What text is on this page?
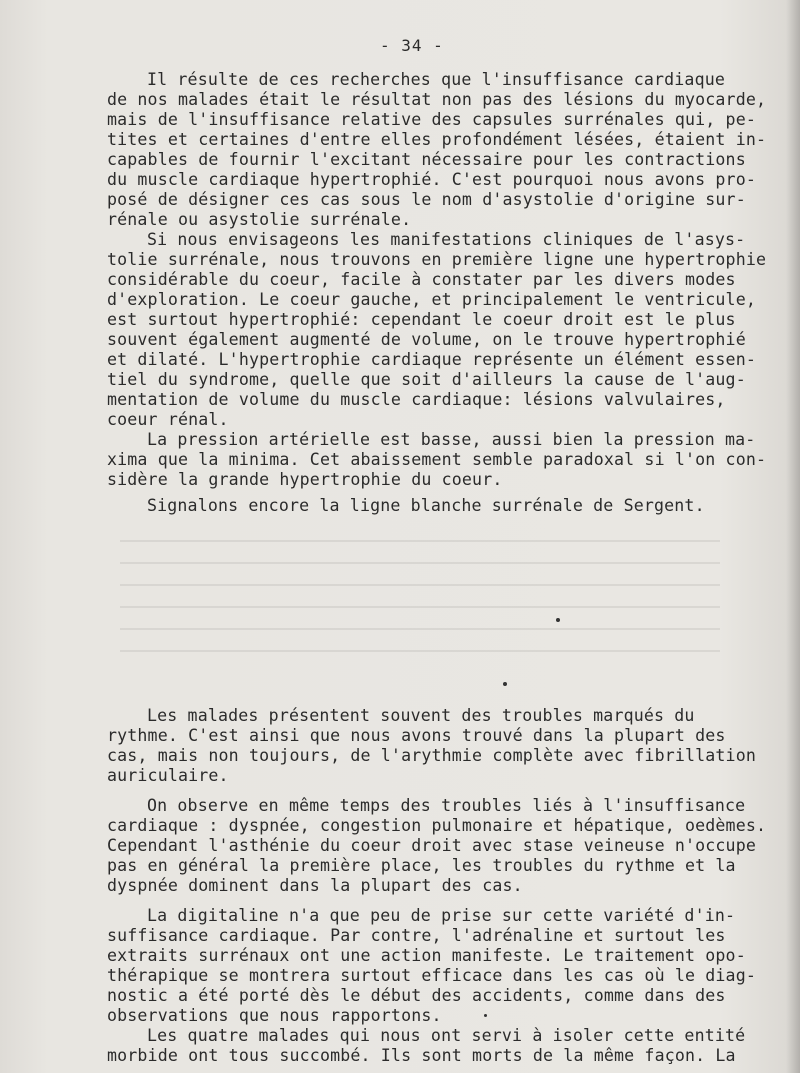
- 34 -
Il résulte de ces recherches que l'insuffisance cardiaque
de nos malades était le résultat non pas des lésions du myocarde,
mais de l'insuffisance relative des capsules surrénales qui, pe-
tites et certaines d'entre elles profondément lésées, étaient in-
capables de fournir l'excitant nécessaire pour les contractions
du muscle cardiaque hypertrophié. C'est pourquoi nous avons pro-
posé de désigner ces cas sous le nom d'asystolie d'origine sur-
rénale ou asystolie surrénale.
Si nous envisageons les manifestations cliniques de l'asys-
tolie surrénale, nous trouvons en première ligne une hypertrophie
considérable du coeur, facile à constater par les divers modes
d'exploration. Le coeur gauche, et principalement le ventricule,
est surtout hypertrophié: cependant le coeur droit est le plus
souvent également augmenté de volume, on le trouve hypertrophié
et dilaté. L'hypertrophie cardiaque représente un élément essen-
tiel du syndrome, quelle que soit d'ailleurs la cause de l'aug-
mentation de volume du muscle cardiaque: lésions valvulaires,
coeur rénal.
La pression artérielle est basse, aussi bien la pression ma-
xima que la minima. Cet abaissement semble paradoxal si l'on con-
sidère la grande hypertrophie du coeur.
Signalons encore la ligne blanche surrénale de Sergent.
Les malades présentent souvent des troubles marqués du
rythme. C'est ainsi que nous avons trouvé dans la plupart des
cas, mais non toujours, de l'arythmie complète avec fibrillation
auriculaire.
On observe en même temps des troubles liés à l'insuffisance
cardiaque : dyspnée, congestion pulmonaire et hépatique, oedèmes.
Cependant l'asthénie du coeur droit avec stase veineuse n'occupe
pas en général la première place, les troubles du rythme et la
dyspnée dominent dans la plupart des cas.
La digitaline n'a que peu de prise sur cette variété d'in-
suffisance cardiaque. Par contre, l'adrénaline et surtout les
extraits surrénaux ont une action manifeste. Le traitement opo-
thérapique se montrera surtout efficace dans les cas où le diag-
nostic a été porté dès le début des accidents, comme dans des
observations que nous rapportons.
Les quatre malades qui nous ont servi à isoler cette entité
morbide ont tous succombé. Ils sont morts de la même façon. La
